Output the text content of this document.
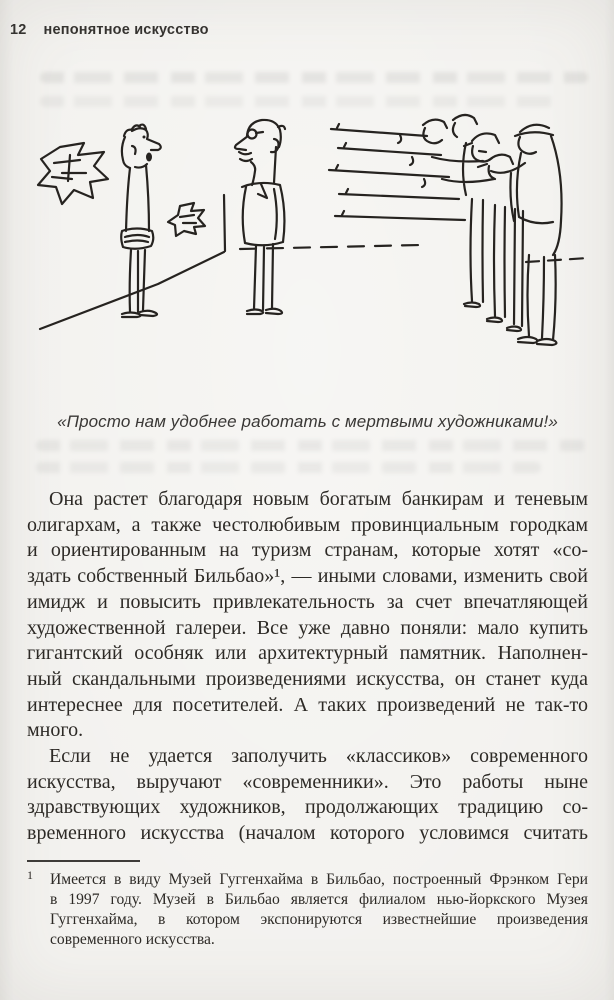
12 непонятное искусство
«Просто нам удобнее работать с мертвыми художниками!»
Она растет благодаря новым богатым банкирам и теневым
олигархам, а также честолюбивым провинциальным городкам
и ориентированным на туризм странам, которые хотят «со-
здать собственный Бильбао»¹, — иными словами, изменить свой
имидж и повысить привлекательность за счет впечатляющей
художественной галереи. Все уже давно поняли: мало купить
гигантский особняк или архитектурный памятник. Наполнен-
ный скандальными произведениями искусства, он станет куда
интереснее для посетителей. А таких произведений не так-то
много.
Если не удается заполучить «классиков» современного
искусства, выручают «современники». Это работы ныне
здравствующих художников, продолжающих традицию со-
временного искусства (началом которого условимся считать
1 Имеется в виду Музей Гуггенхайма в Бильбао, построенный Фрэнком Гери
в 1997 году. Музей в Бильбао является филиалом нью-йоркского Музея
Гуггенхайма, в котором экспонируются известнейшие произведения
современного искусства.
